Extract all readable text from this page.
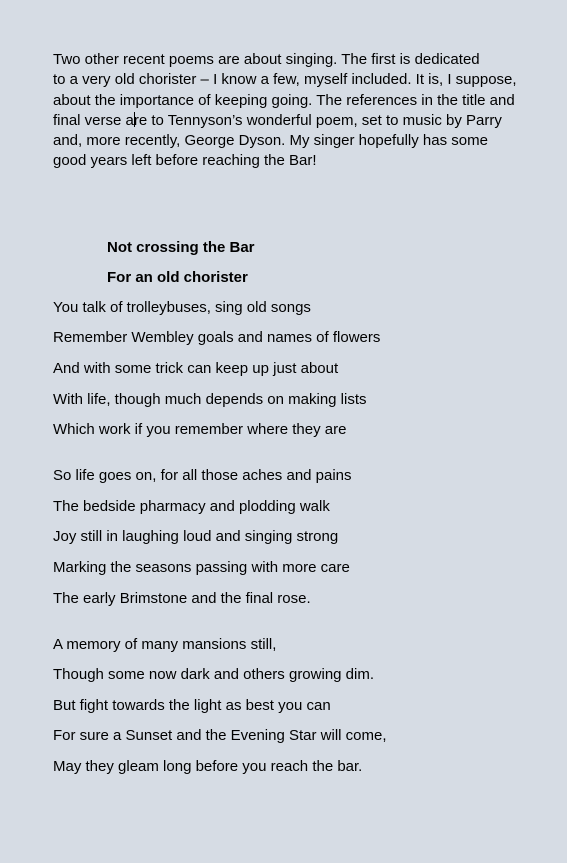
Two other recent poems are about singing. The first is dedicated
to a very old chorister – I know a few, myself included. It is, I suppose,
about the importance of keeping going. The references in the title and
final verse are to Tennyson’s wonderful poem, set to music by Parry
and, more recently, George Dyson. My singer hopefully has some
good years left before reaching the Bar!

Not crossing the Bar
For an old chorister
You talk of trolleybuses, sing old songs
Remember Wembley goals and names of flowers
And with some trick can keep up just about
With life, though much depends on making lists
Which work if you remember where they are
So life goes on, for all those aches and pains
The bedside pharmacy and plodding walk
Joy still in laughing loud and singing strong
Marking the seasons passing with more care
The early Brimstone and the final rose.
A memory of many mansions still,
Though some now dark and others growing dim.
But fight towards the light as best you can
For sure a Sunset and the Evening Star will come,
May they gleam long before you reach the bar.
